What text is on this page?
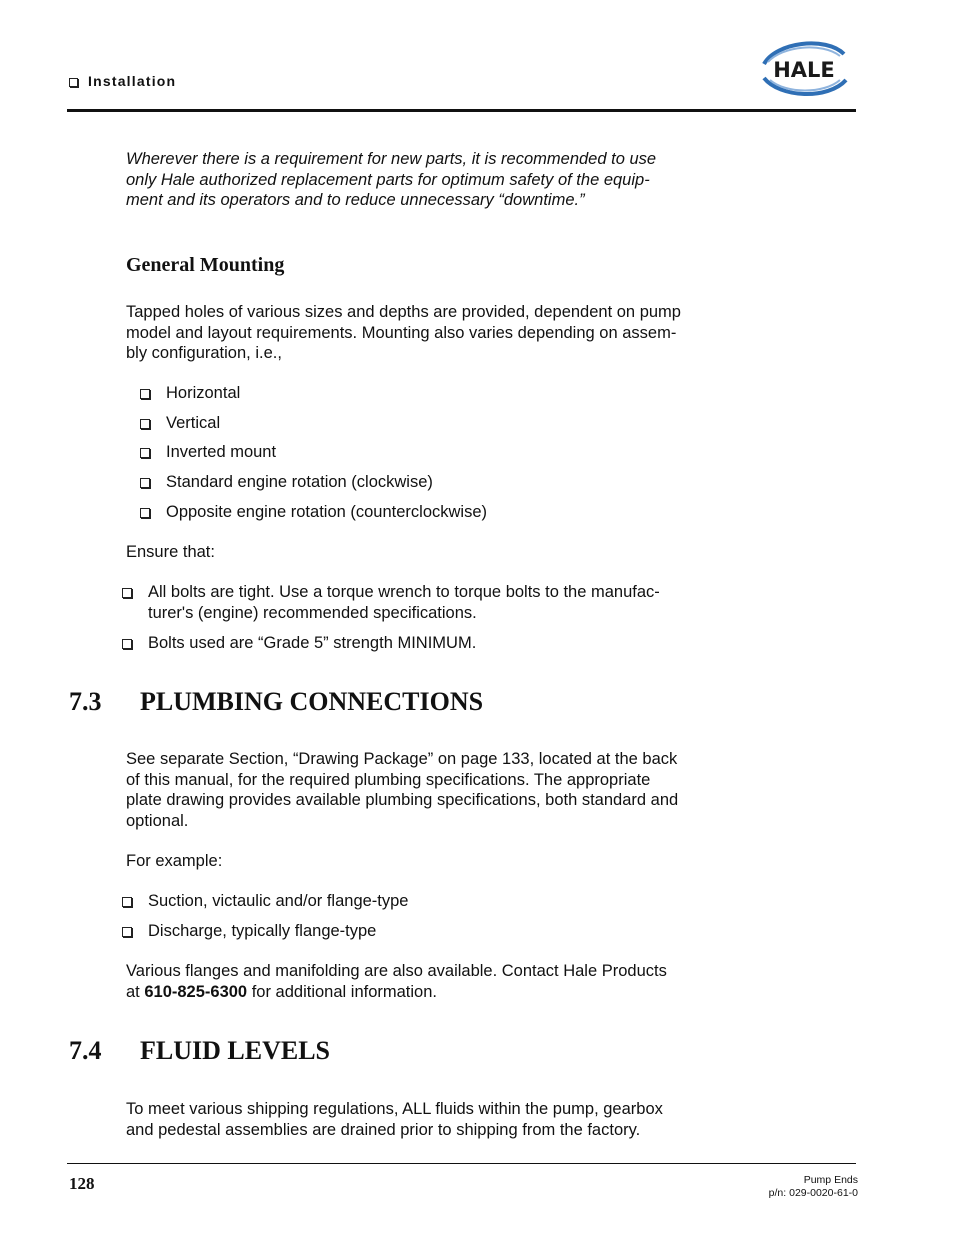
Installation	HALE
Wherever there is a requirement for new parts, it is recommended to use
only Hale authorized replacement parts for optimum safety of the equip-
ment and its operators and to reduce unnecessary “downtime.”
General Mounting
Tapped holes of various sizes and depths are provided, dependent on pump
model and layout requirements. Mounting also varies depending on assem-
bly configuration, i.e.,
Horizontal
Vertical
Inverted mount
Standard engine rotation (clockwise)
Opposite engine rotation (counterclockwise)
Ensure that:
All bolts are tight. Use a torque wrench to torque bolts to the manufac-
turer's (engine) recommended specifications.
Bolts used are “Grade 5” strength MINIMUM.
7.3 PLUMBING CONNECTIONS
See separate Section, “Drawing Package” on page 133, located at the back
of this manual, for the required plumbing specifications. The appropriate
plate drawing provides available plumbing specifications, both standard and
optional.
For example:
Suction, victaulic and/or flange-type
Discharge, typically flange-type
Various flanges and manifolding are also available. Contact Hale Products
at 610-825-6300 for additional information.
7.4 FLUID LEVELS
To meet various shipping regulations, ALL fluids within the pump, gearbox
and pedestal assemblies are drained prior to shipping from the factory.
128	Pump Ends
p/n: 029-0020-61-0
